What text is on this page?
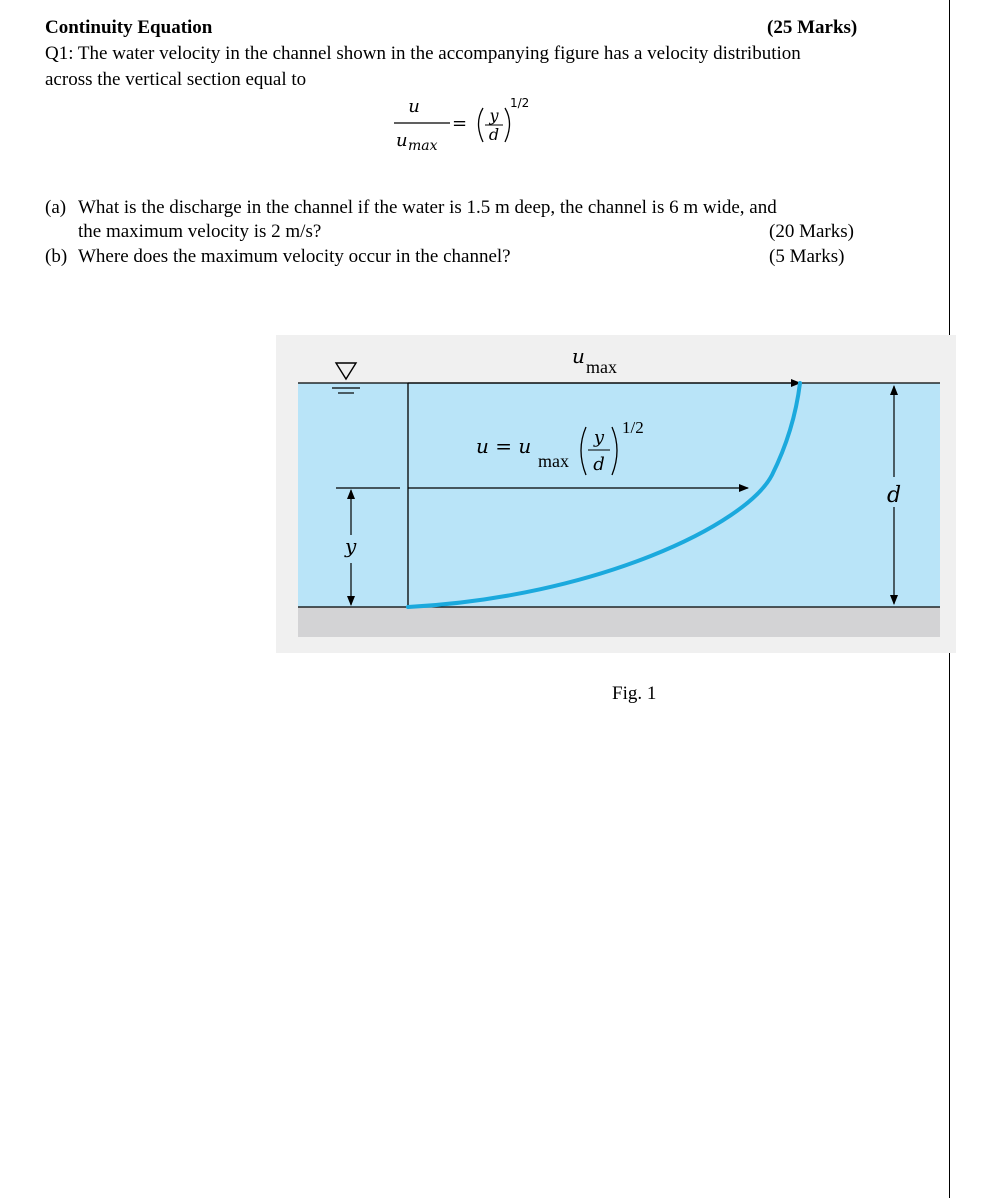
Continuity Equation	(25 Marks)
Q1: The water velocity in the channel shown in the accompanying figure has a velocity distribution
across the vertical section equal to
u
u max
= y
d
1/2
(a) What is the discharge in the channel if the water is 1.5 m deep, the channel is 6 m wide, and
the maximum velocity is 2 m/s?	(20 Marks)
(b) Where does the maximum velocity occur in the channel?	(5 Marks)
u max
u = u
max
y
d
1/2
y
d
Fig. 1
